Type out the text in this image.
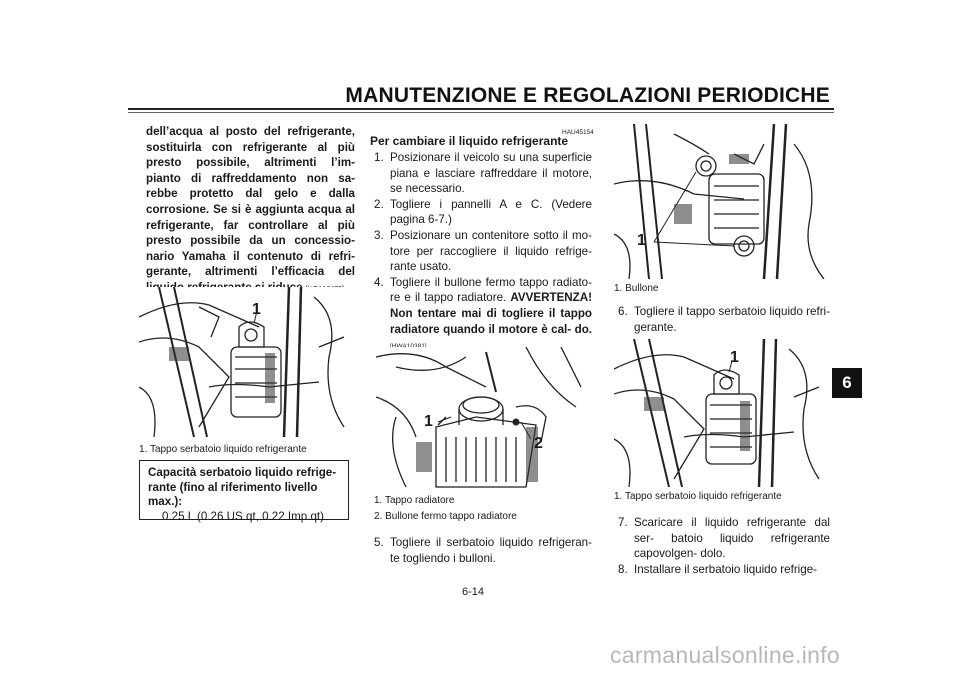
MANUTENZIONE E REGOLAZIONI PERIODICHE
6
dell’acqua al posto del refrigerante, sostituirla con refrigerante al più presto possibile, altrimenti l’im- pianto di raffreddamento non sa- rebbe protetto dal gelo e dalla corrosione. Se si è aggiunta acqua al refrigerante, far controllare al più presto possibile da un concessio- nario Yamaha il contenuto di refri- gerante, altrimenti l’efficacia del
1
1. Tappo serbatoio liquido refrigerante
Capacità serbatoio liquido refrige- rante (fino al riferimento livello max.):
0.25 L (0.26 US qt, 0.22 Imp.qt)
HAU45154
Per cambiare il liquido refrigerante
1. Posizionare il veicolo su una superficie piana e lasciare raffreddare il motore, se necessario.
2. Togliere i pannelli A e C. (Vedere pagina 6-7.)
3. Posizionare un contenitore sotto il mo- tore per raccogliere il liquido refrige- rante usato.
4. Togliere il bullone fermo tappo radiato- re e il tappo radiatore. AVVERTENZA! Non tentare mai di togliere il tappo radiatore quando il motore è cal- do.
1
2
1. Tappo radiatore
2. Bullone fermo tappo radiatore
5. Togliere il serbatoio liquido refrigeran- te togliendo i bulloni.
1
1. Bullone
6. Togliere il tappo serbatoio liquido refri- gerante.
1
1. Tappo serbatoio liquido refrigerante
7. Scaricare il liquido refrigerante dal ser- batoio liquido refrigerante capovolgen- dolo.
8. Installare il serbatoio liquido refrige-
6-14
carmanualsonline.info
